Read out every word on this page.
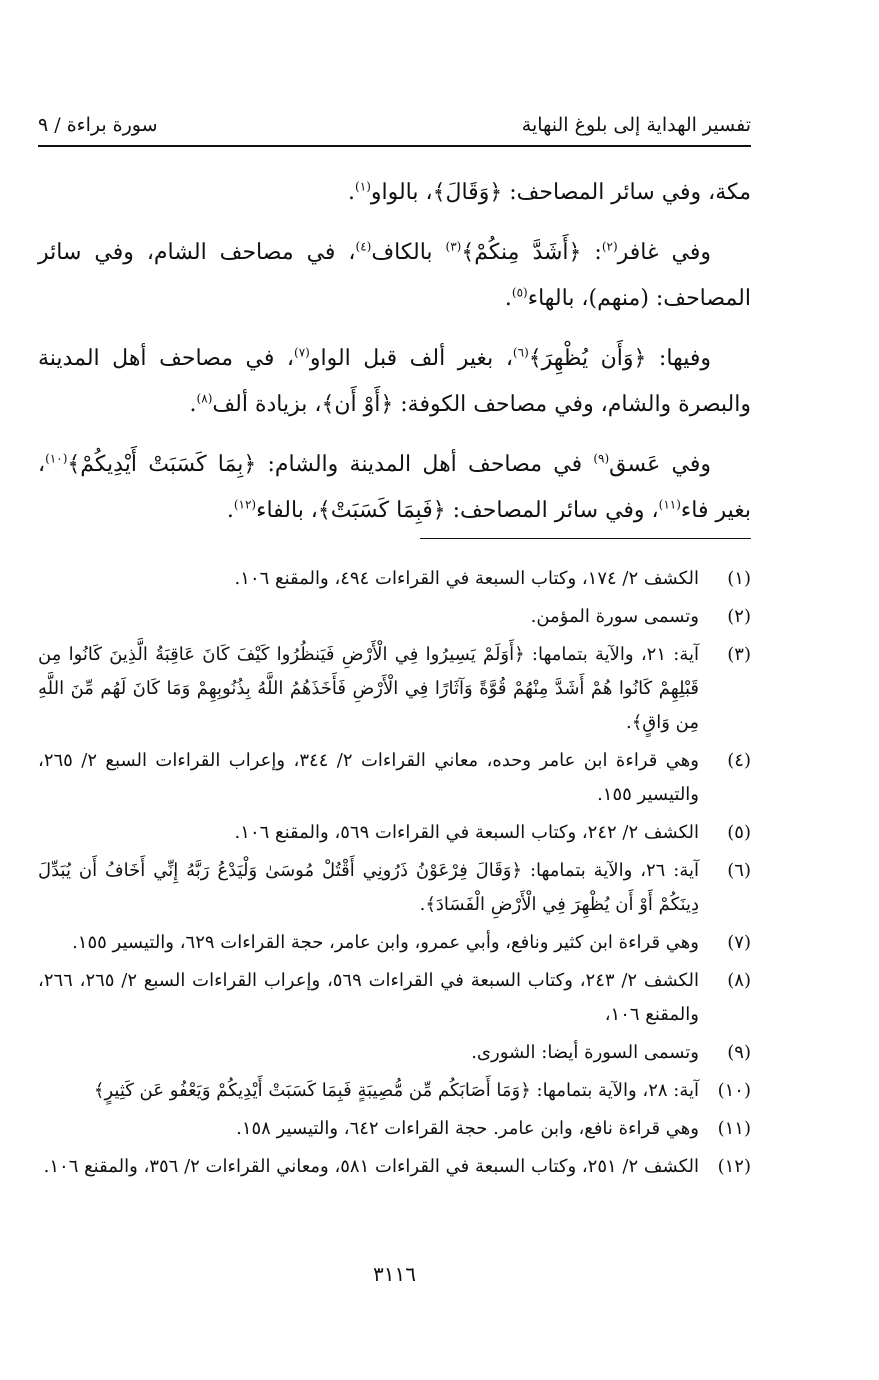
تفسير الهداية إلى بلوغ النهاية
سورة براءة / ٩

مكة، وفي سائر المصاحف: ﴿وَقَالَ﴾، بالواو$^{(١)}$.

وفي غافر$^{(٢)}$: ﴿أَشَدَّ مِنكُمْ﴾$^{(٣)}$ بالكاف$^{(٤)}$، في مصاحف الشام، وفي سائر المصاحف: (منهم)، بالهاء$^{(٥)}$.

وفيها: ﴿وَأَن يُظْهِرَ﴾$^{(٦)}$، بغير ألف قبل الواو$^{(٧)}$، في مصاحف أهل المدينة والبصرة والشام، وفي مصاحف الكوفة: ﴿أَوْ أَن﴾، بزيادة ألف$^{(٨)}$.

وفي عَسق$^{(٩)}$ في مصاحف أهل المدينة والشام: ﴿بِمَا كَسَبَتْ أَيْدِيكُمْ﴾$^{(١٠)}$، بغير فاء$^{(١١)}$، وفي سائر المصاحف: ﴿فَبِمَا كَسَبَتْ﴾، بالفاء$^{(١٢)}$.

(١)
الكشف ٢/ ١٧٤، وكتاب السبعة في القراءات ٤٩٤، والمقنع ١٠٦.
(٢)
وتسمى سورة المؤمن.
(٣)
آية: ٢١، والآية بتمامها: ﴿أَوَلَمْ يَسِيرُوا فِي الْأَرْضِ فَيَنظُرُوا كَيْفَ كَانَ عَاقِبَةُ الَّذِينَ كَانُوا مِن قَبْلِهِمْ كَانُوا هُمْ أَشَدَّ مِنْهُمْ قُوَّةً وَآثَارًا فِي الْأَرْضِ فَأَخَذَهُمُ اللَّهُ بِذُنُوبِهِمْ وَمَا كَانَ لَهُم مِّنَ اللَّهِ مِن وَاقٍ﴾.
(٤)
وهي قراءة ابن عامر وحده، معاني القراءات ٢/ ٣٤٤، وإعراب القراءات السبع ٢/ ٢٦٥، والتيسير ١٥٥.
(٥)
الكشف ٢/ ٢٤٢، وكتاب السبعة في القراءات ٥٦٩، والمقنع ١٠٦.
(٦)
آية: ٢٦، والآية بتمامها: ﴿وَقَالَ فِرْعَوْنُ ذَرُونِي أَقْتُلْ مُوسَىٰ وَلْيَدْعُ رَبَّهُ إِنِّي أَخَافُ أَن يُبَدِّلَ دِينَكُمْ أَوْ أَن يُظْهِرَ فِي الْأَرْضِ الْفَسَادَ﴾.
(٧)
وهي قراءة ابن كثير ونافع، وأبي عمرو، وابن عامر، حجة القراءات ٦٢٩، والتيسير ١٥٥.
(٨)
الكشف ٢/ ٢٤٣، وكتاب السبعة في القراءات ٥٦٩، وإعراب القراءات السبع ٢/ ٢٦٥، ٢٦٦، والمقنع ١٠٦،
(٩)
وتسمى السورة أيضا: الشورى.
(١٠)
آية: ٢٨، والآية بتمامها: ﴿وَمَا أَصَابَكُم مِّن مُّصِيبَةٍ فَبِمَا كَسَبَتْ أَيْدِيكُمْ وَيَعْفُو عَن كَثِيرٍ﴾
(١١)
وهي قراءة نافع، وابن عامر. حجة القراءات ٦٤٢، والتيسير ١٥٨.
(١٢)
الكشف ٢/ ٢٥١، وكتاب السبعة في القراءات ٥٨١، ومعاني القراءات ٢/ ٣٥٦، والمقنع ١٠٦.
٣١١٦
